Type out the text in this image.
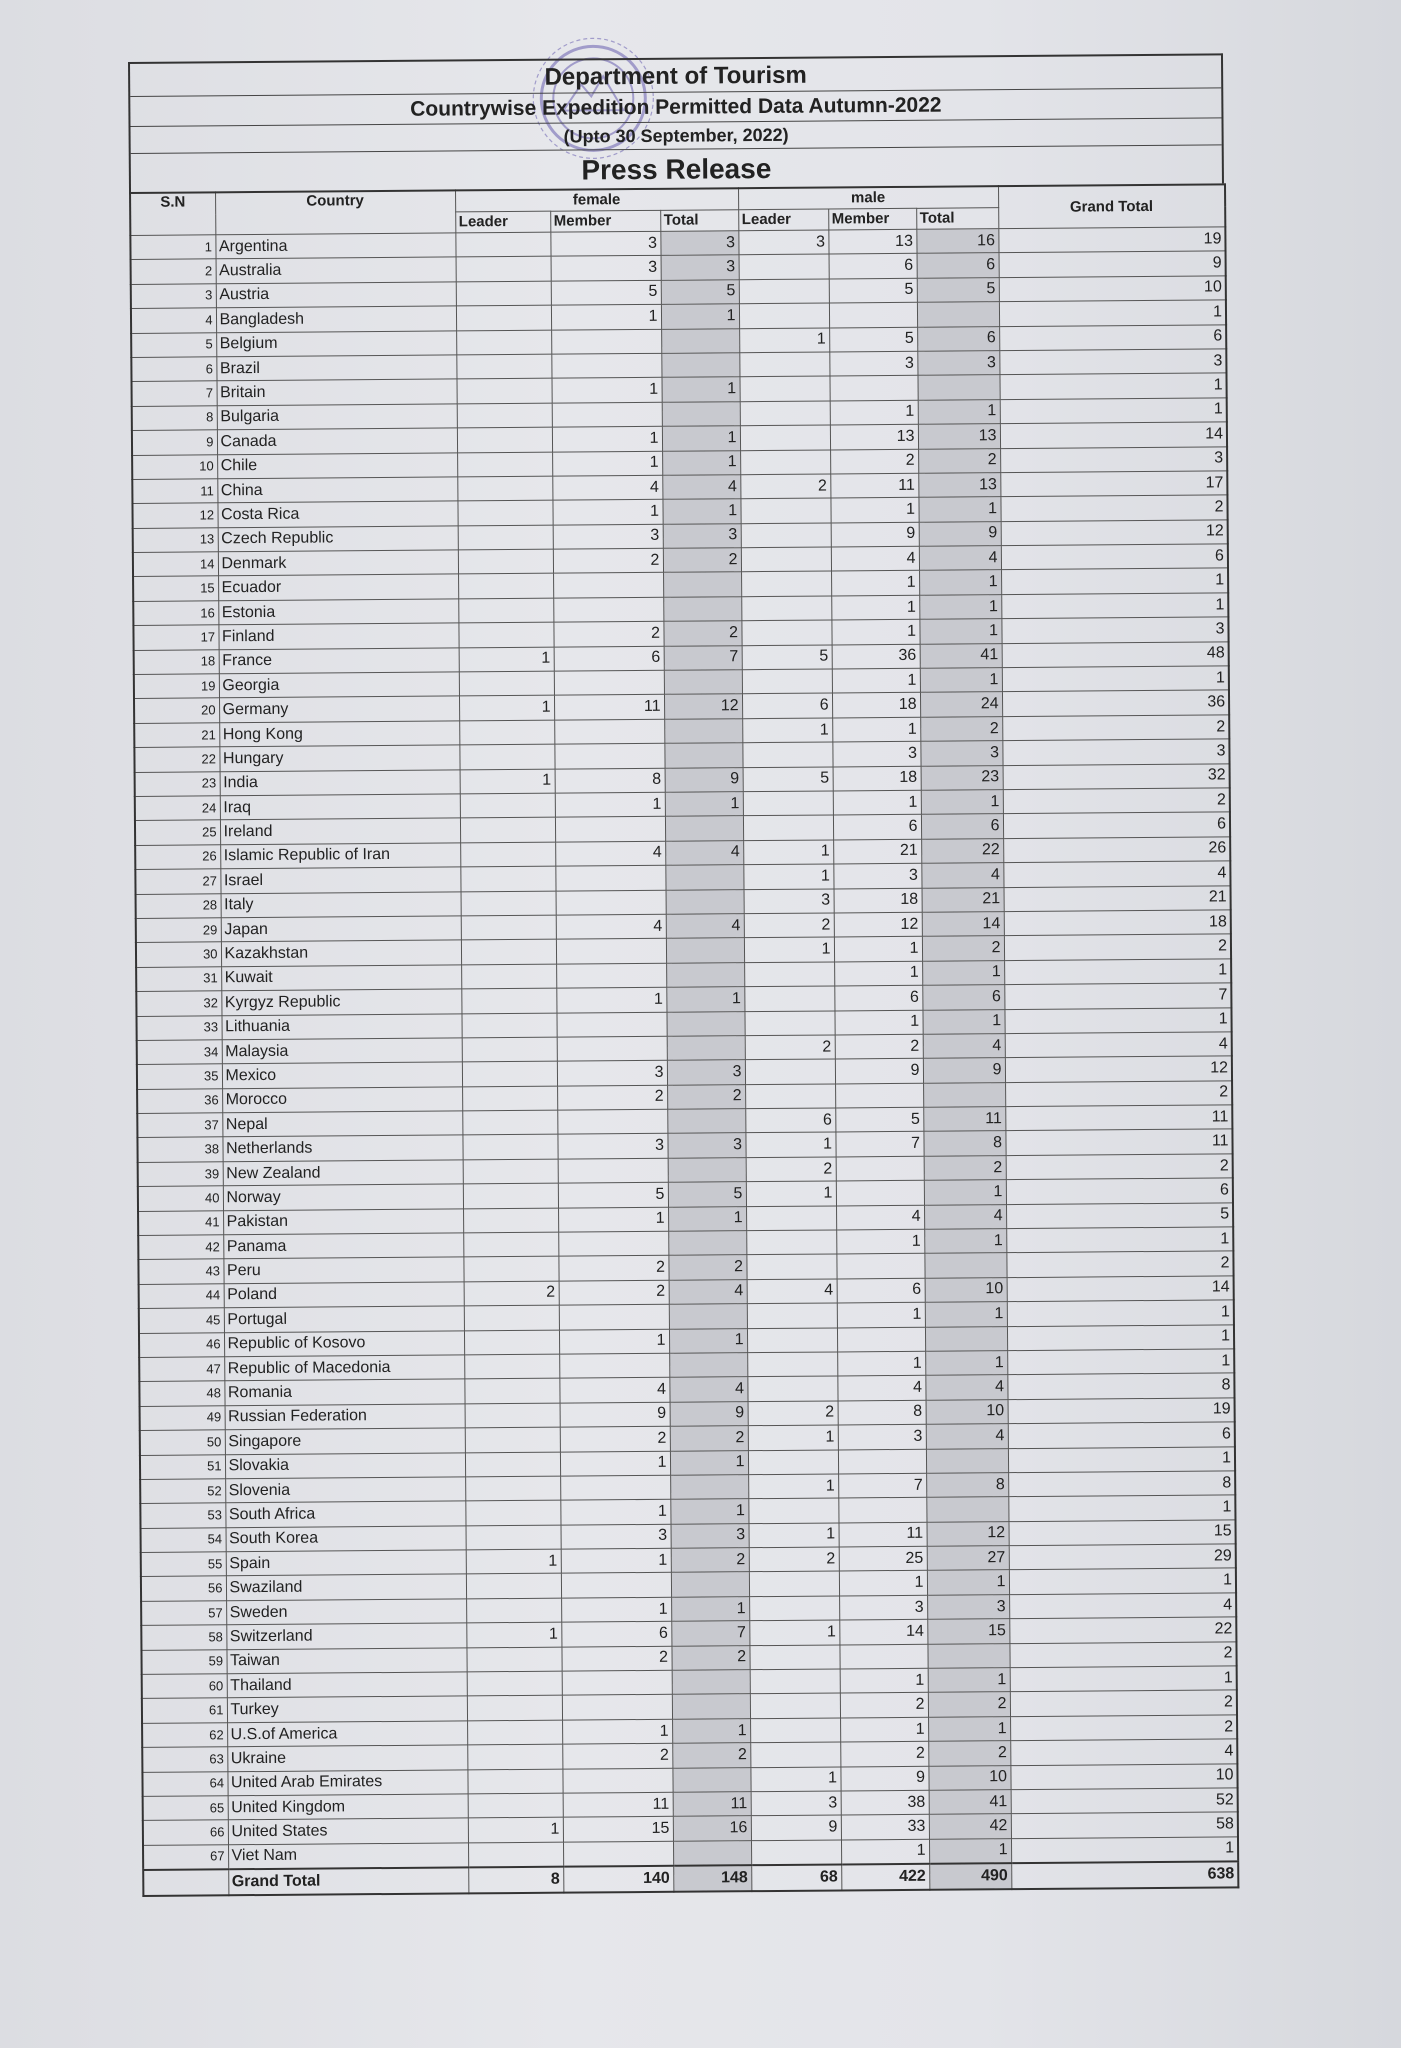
Department of Tourism
Countrywise Expedition Permitted Data Autumn-2022
(Upto 30 September, 2022)
Press Release
S.N	Country	female			male			Grand Total
		Leader	Member	Total	Leader	Member	Total	
1	Argentina		3	3	3	13	16	19
2	Australia		3	3		6	6	9
3	Austria		5	5		5	5	10
4	Bangladesh		1	1				1
5	Belgium				1	5	6	6
6	Brazil					3	3	3
7	Britain		1	1				1
8	Bulgaria					1	1	1
9	Canada		1	1		13	13	14
10	Chile		1	1		2	2	3
11	China		4	4	2	11	13	17
12	Costa Rica		1	1		1	1	2
13	Czech Republic		3	3		9	9	12
14	Denmark		2	2		4	4	6
15	Ecuador					1	1	1
16	Estonia					1	1	1
17	Finland		2	2		1	1	3
18	France	1	6	7	5	36	41	48
19	Georgia					1	1	1
20	Germany	1	11	12	6	18	24	36
21	Hong Kong				1	1	2	2
22	Hungary					3	3	3
23	India	1	8	9	5	18	23	32
24	Iraq		1	1		1	1	2
25	Ireland					6	6	6
26	Islamic Republic of Iran		4	4	1	21	22	26
27	Israel				1	3	4	4
28	Italy				3	18	21	21
29	Japan		4	4	2	12	14	18
30	Kazakhstan				1	1	2	2
31	Kuwait					1	1	1
32	Kyrgyz Republic		1	1		6	6	7
33	Lithuania					1	1	1
34	Malaysia				2	2	4	4
35	Mexico		3	3		9	9	12
36	Morocco		2	2				2
37	Nepal				6	5	11	11
38	Netherlands		3	3	1	7	8	11
39	New Zealand				2		2	2
40	Norway		5	5	1		1	6
41	Pakistan		1	1		4	4	5
42	Panama					1	1	1
43	Peru		2	2				2
44	Poland	2	2	4	4	6	10	14
45	Portugal					1	1	1
46	Republic of Kosovo		1	1				1
47	Republic of Macedonia					1	1	1
48	Romania		4	4		4	4	8
49	Russian Federation		9	9	2	8	10	19
50	Singapore		2	2	1	3	4	6
51	Slovakia		1	1				1
52	Slovenia				1	7	8	8
53	South Africa		1	1				1
54	South Korea		3	3	1	11	12	15
55	Spain	1	1	2	2	25	27	29
56	Swaziland					1	1	1
57	Sweden		1	1		3	3	4
58	Switzerland	1	6	7	1	14	15	22
59	Taiwan		2	2				2
60	Thailand					1	1	1
61	Turkey					2	2	2
62	U.S.of America		1	1		1	1	2
63	Ukraine		2	2		2	2	4
64	United Arab Emirates				1	9	10	10
65	United Kingdom		11	11	3	38	41	52
66	United States	1	15	16	9	33	42	58
67	Viet Nam					1	1	1
	Grand Total	8	140	148	68	422	490	638
